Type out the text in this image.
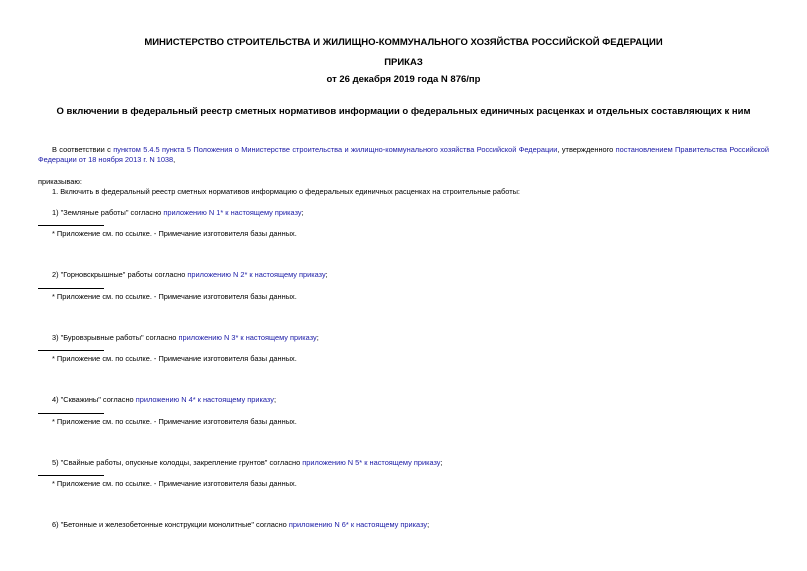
МИНИСТЕРСТВО СТРОИТЕЛЬСТВА И ЖИЛИЩНО-КОММУНАЛЬНОГО ХОЗЯЙСТВА РОССИЙСКОЙ ФЕДЕРАЦИИ
ПРИКАЗ
от 26 декабря 2019 года N 876/пр
О включении в федеральный реестр сметных нормативов информации о федеральных единичных расценках и отдельных составляющих к ним
В соответствии с пунктом 5.4.5 пункта 5 Положения о Министерстве строительства и жилищно-коммунального хозяйства Российской Федерации, утвержденного постановлением Правительства Российской Федерации от 18 ноября 2013 г. N 1038,
приказываю:
1. Включить в федеральный реестр сметных нормативов информацию о федеральных единичных расценках на строительные работы:
1) "Земляные работы" согласно приложению N 1* к настоящему приказу;
* Приложение см. по ссылке. - Примечание изготовителя базы данных.
2) "Горновскрышные" работы согласно приложению N 2* к настоящему приказу;
* Приложение см. по ссылке. - Примечание изготовителя базы данных.
3) "Буровзрывные работы" согласно приложению N 3* к настоящему приказу;
* Приложение см. по ссылке. - Примечание изготовителя базы данных.
4) "Скважины" согласно приложению N 4* к настоящему приказу;
* Приложение см. по ссылке. - Примечание изготовителя базы данных.
5) "Свайные работы, опускные колодцы, закрепление грунтов" согласно приложению N 5* к настоящему приказу;
* Приложение см. по ссылке. - Примечание изготовителя базы данных.
6) "Бетонные и железобетонные конструкции монолитные" согласно приложению N 6* к настоящему приказу;
